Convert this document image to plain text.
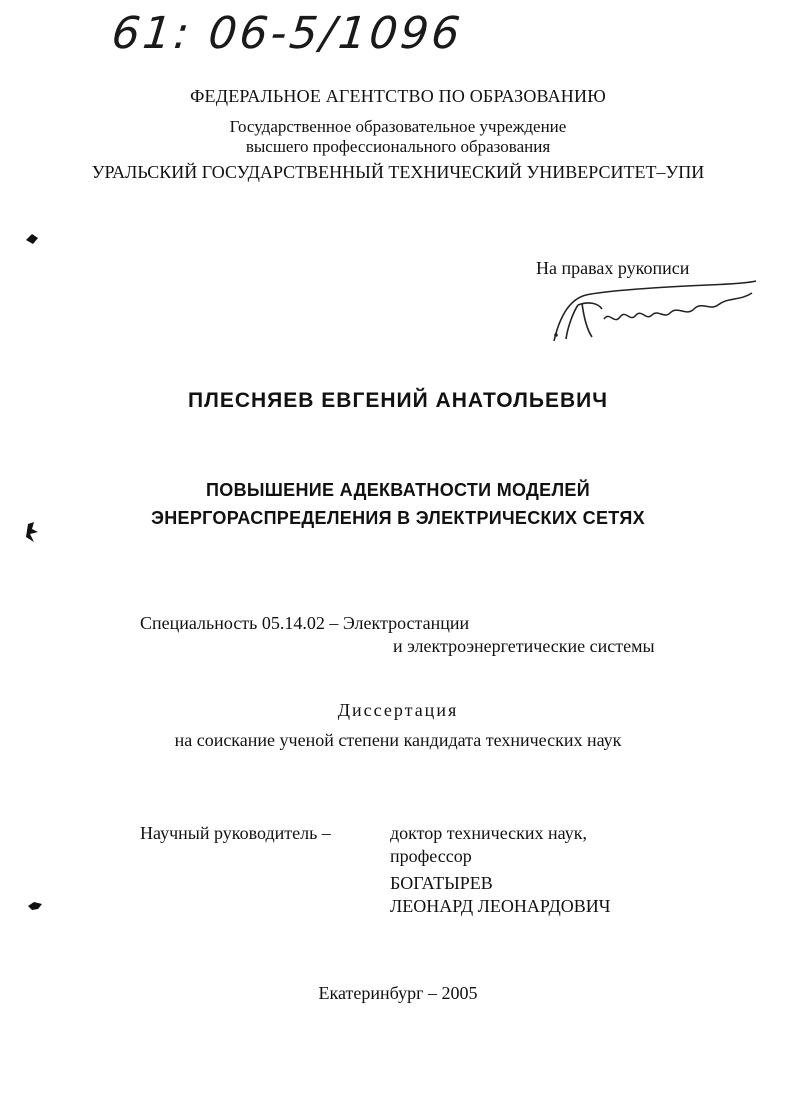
61: 06-5/1096
ФЕДЕРАЛЬНОЕ АГЕНТСТВО ПО ОБРАЗОВАНИЮ
Государственное образовательное учреждение
высшего профессионального образования
УРАЛЬСКИЙ ГОСУДАРСТВЕННЫЙ ТЕХНИЧЕСКИЙ УНИВЕРСИТЕТ–УПИ
На правах рукописи
ПЛЕСНЯЕВ ЕВГЕНИЙ АНАТОЛЬЕВИЧ
ПОВЫШЕНИЕ АДЕКВАТНОСТИ МОДЕЛЕЙ
ЭНЕРГОРАСПРЕДЕЛЕНИЯ В ЭЛЕКТРИЧЕСКИХ СЕТЯХ
Специальность 05.14.02 – Электростанции
и электроэнергетические системы
Диссертация
на соискание ученой степени кандидата технических наук
Научный руководитель –	доктор технических наук,
профессор
БОГАТЫРЕВ
ЛЕОНАРД ЛЕОНАРДОВИЧ
Екатеринбург – 2005
